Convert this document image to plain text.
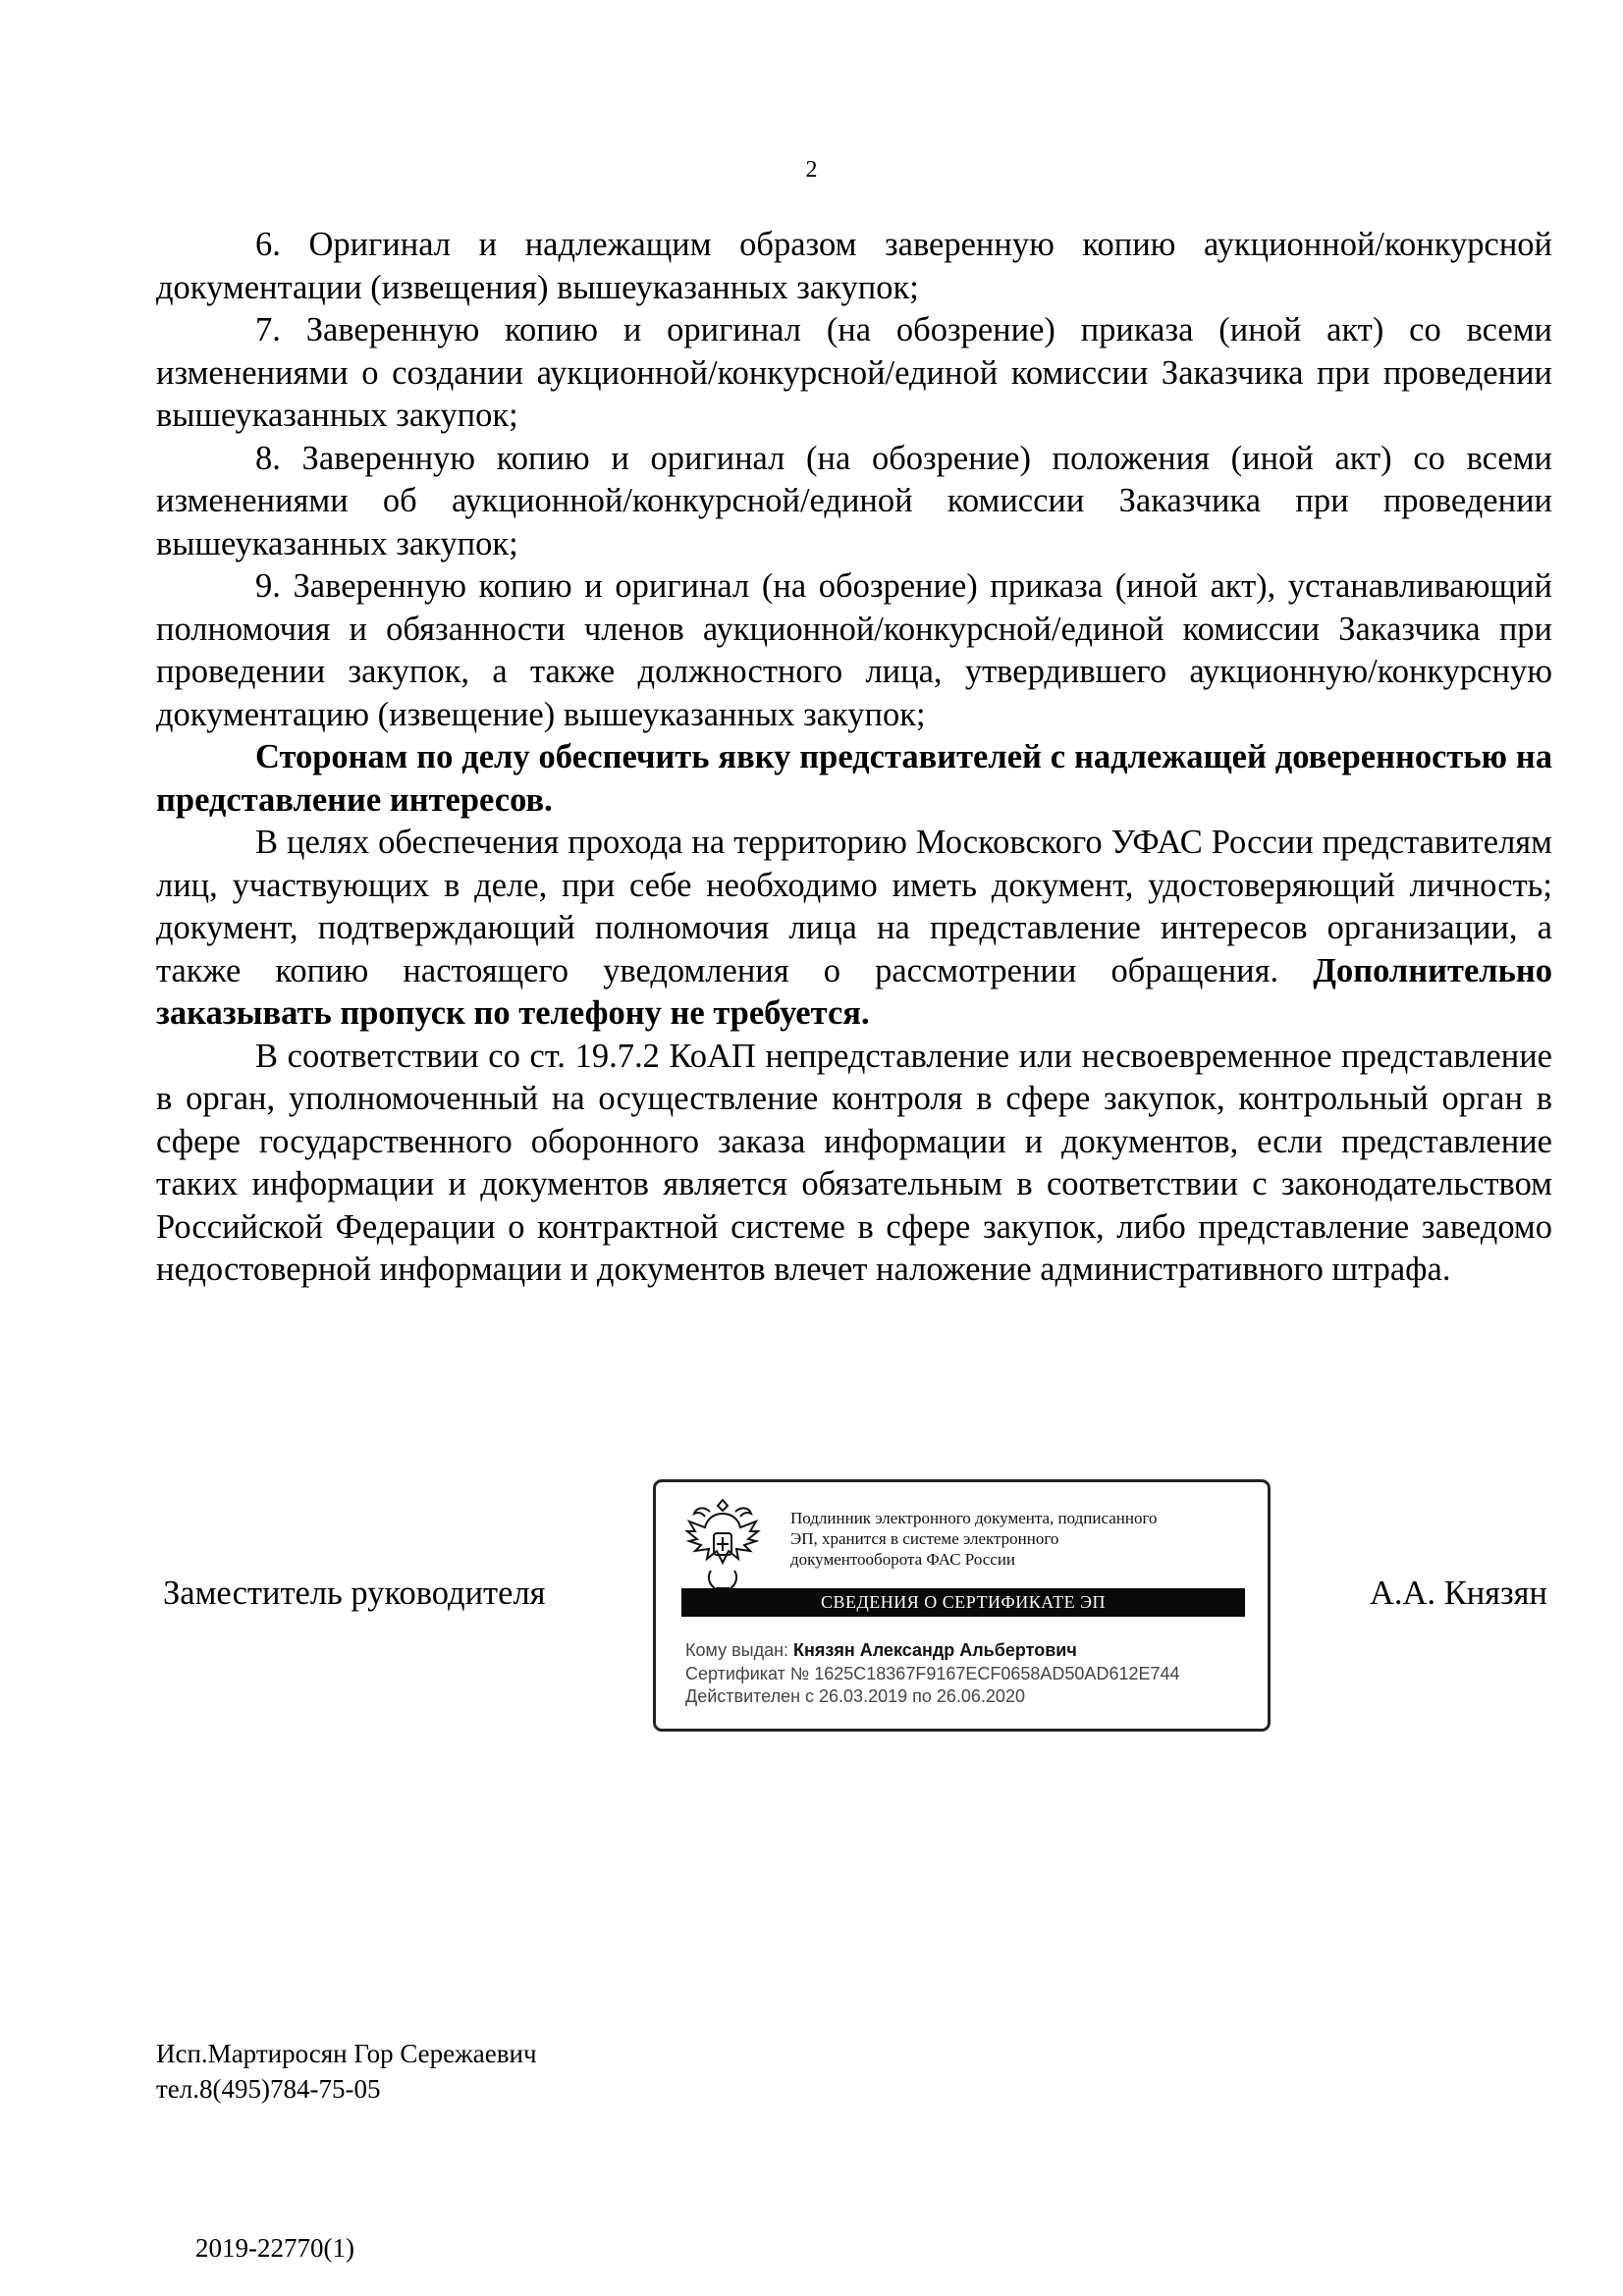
2

6. Оригинал и надлежащим образом заверенную копию аукционной/конкурсной документации (извещения) вышеуказанных закупок;

7. Заверенную копию и оригинал (на обозрение) приказа (иной акт) со всеми изменениями о создании аукционной/конкурсной/единой комиссии Заказчика при проведении вышеуказанных закупок;

8. Заверенную копию и оригинал (на обозрение) положения (иной акт) со всеми изменениями об аукционной/конкурсной/единой комиссии Заказчика при проведении вышеуказанных закупок;

9. Заверенную копию и оригинал (на обозрение) приказа (иной акт), устанавливающий полномочия и обязанности членов аукционной/конкурсной/единой комиссии Заказчика при проведении закупок, а также должностного лица, утвердившего аукционную/конкурсную документацию (извещение) вышеуказанных закупок;

Сторонам по делу обеспечить явку представителей с надлежащей доверенностью на представление интересов.

В целях обеспечения прохода на территорию Московского УФАС России представителям лиц, участвующих в деле, при себе необходимо иметь документ, удостоверяющий личность; документ, подтверждающий полномочия лица на представление интересов организации, а также копию настоящего уведомления о рассмотрении обращения. Дополнительно заказывать пропуск по телефону не требуется.

В соответствии со ст. 19.7.2 КоАП непредставление или несвоевременное представление в орган, уполномоченный на осуществление контроля в сфере закупок, контрольный орган в сфере государственного оборонного заказа информации и документов, если представление таких информации и документов является обязательным в соответствии с законодательством Российской Федерации о контрактной системе в сфере закупок, либо представление заведомо недостоверной информации и документов влечет наложение административного штрафа.

Заместитель руководителя
Подлинник электронного документа, подписанного
ЭП, хранится в системе электронного
документооборота ФАС России
СВЕДЕНИЯ О СЕРТИФИКАТЕ ЭП
Кому выдан: Князян Александр Альбертович
Сертификат № 1625C18367F9167ECF0658AD50AD612E744
Действителен с 26.03.2019 по 26.06.2020
А.А. Князян
Исп.Мартиросян Гор Сережаевич
тел.8(495)784-75-05
2019-22770(1)
